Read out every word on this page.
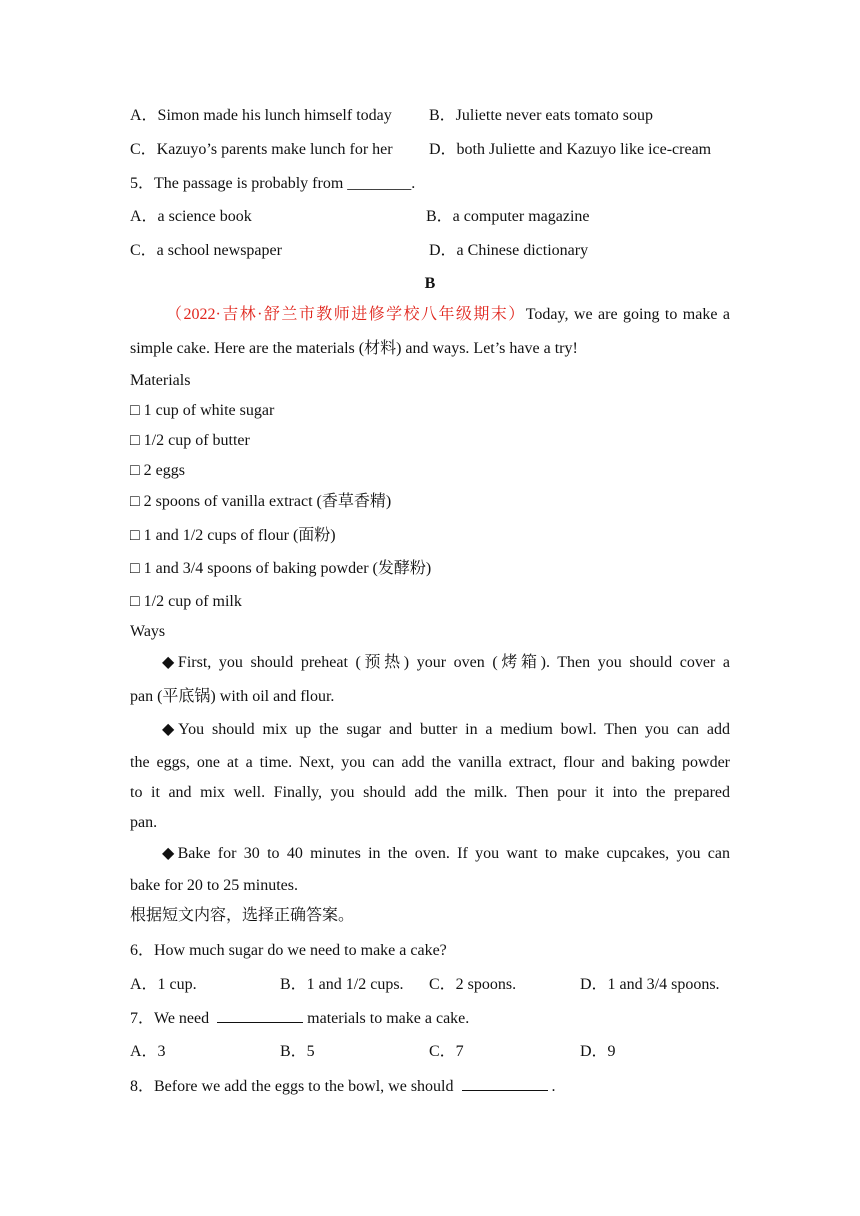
A．Simon made his lunch himself today B．Juliette never eats tomato soup
C．Kazuyo’s parents make lunch for her D．both Juliette and Kazuyo like ice-cream
5．The passage is probably from ________.
A．a science book	B．a computer magazine
C．a school newspaper	D．a Chinese dictionary
B
（2022·吉林·舒兰市教师进修学校八年级期末）Today, we are going to make a
simple cake. Here are the materials (材料) and ways. Let’s have a try!
Materials
□ 1 cup of white sugar
□ 1/2 cup of butter
□ 2 eggs
□ 2 spoons of vanilla extract (香草香精)
□ 1 and 1/2 cups of flour (面粉)
□ 1 and 3/4 spoons of baking powder (发酵粉)
□ 1/2 cup of milk
Ways
◆First, you should preheat (预热) your oven (烤箱). Then you should cover a
pan (平底锅) with oil and flour.
◆You should mix up the sugar and butter in a medium bowl. Then you can add
the eggs, one at a time. Next, you can add the vanilla extract, flour and baking powder
to it and mix well. Finally, you should add the milk. Then pour it into the prepared
pan.
◆Bake for 30 to 40 minutes in the oven. If you want to make cupcakes, you can
bake for 20 to 25 minutes.
根据短文内容，选择正确答案。
6．How much sugar do we need to make a cake?
A．1 cup.	B．1 and 1/2 cups. C．2 spoons.	D．1 and 3/4 spoons.
7．We need	materials to make a cake.
A．3	B．5	C．7	D．9
8．Before we add the eggs to the bowl, we should	.
